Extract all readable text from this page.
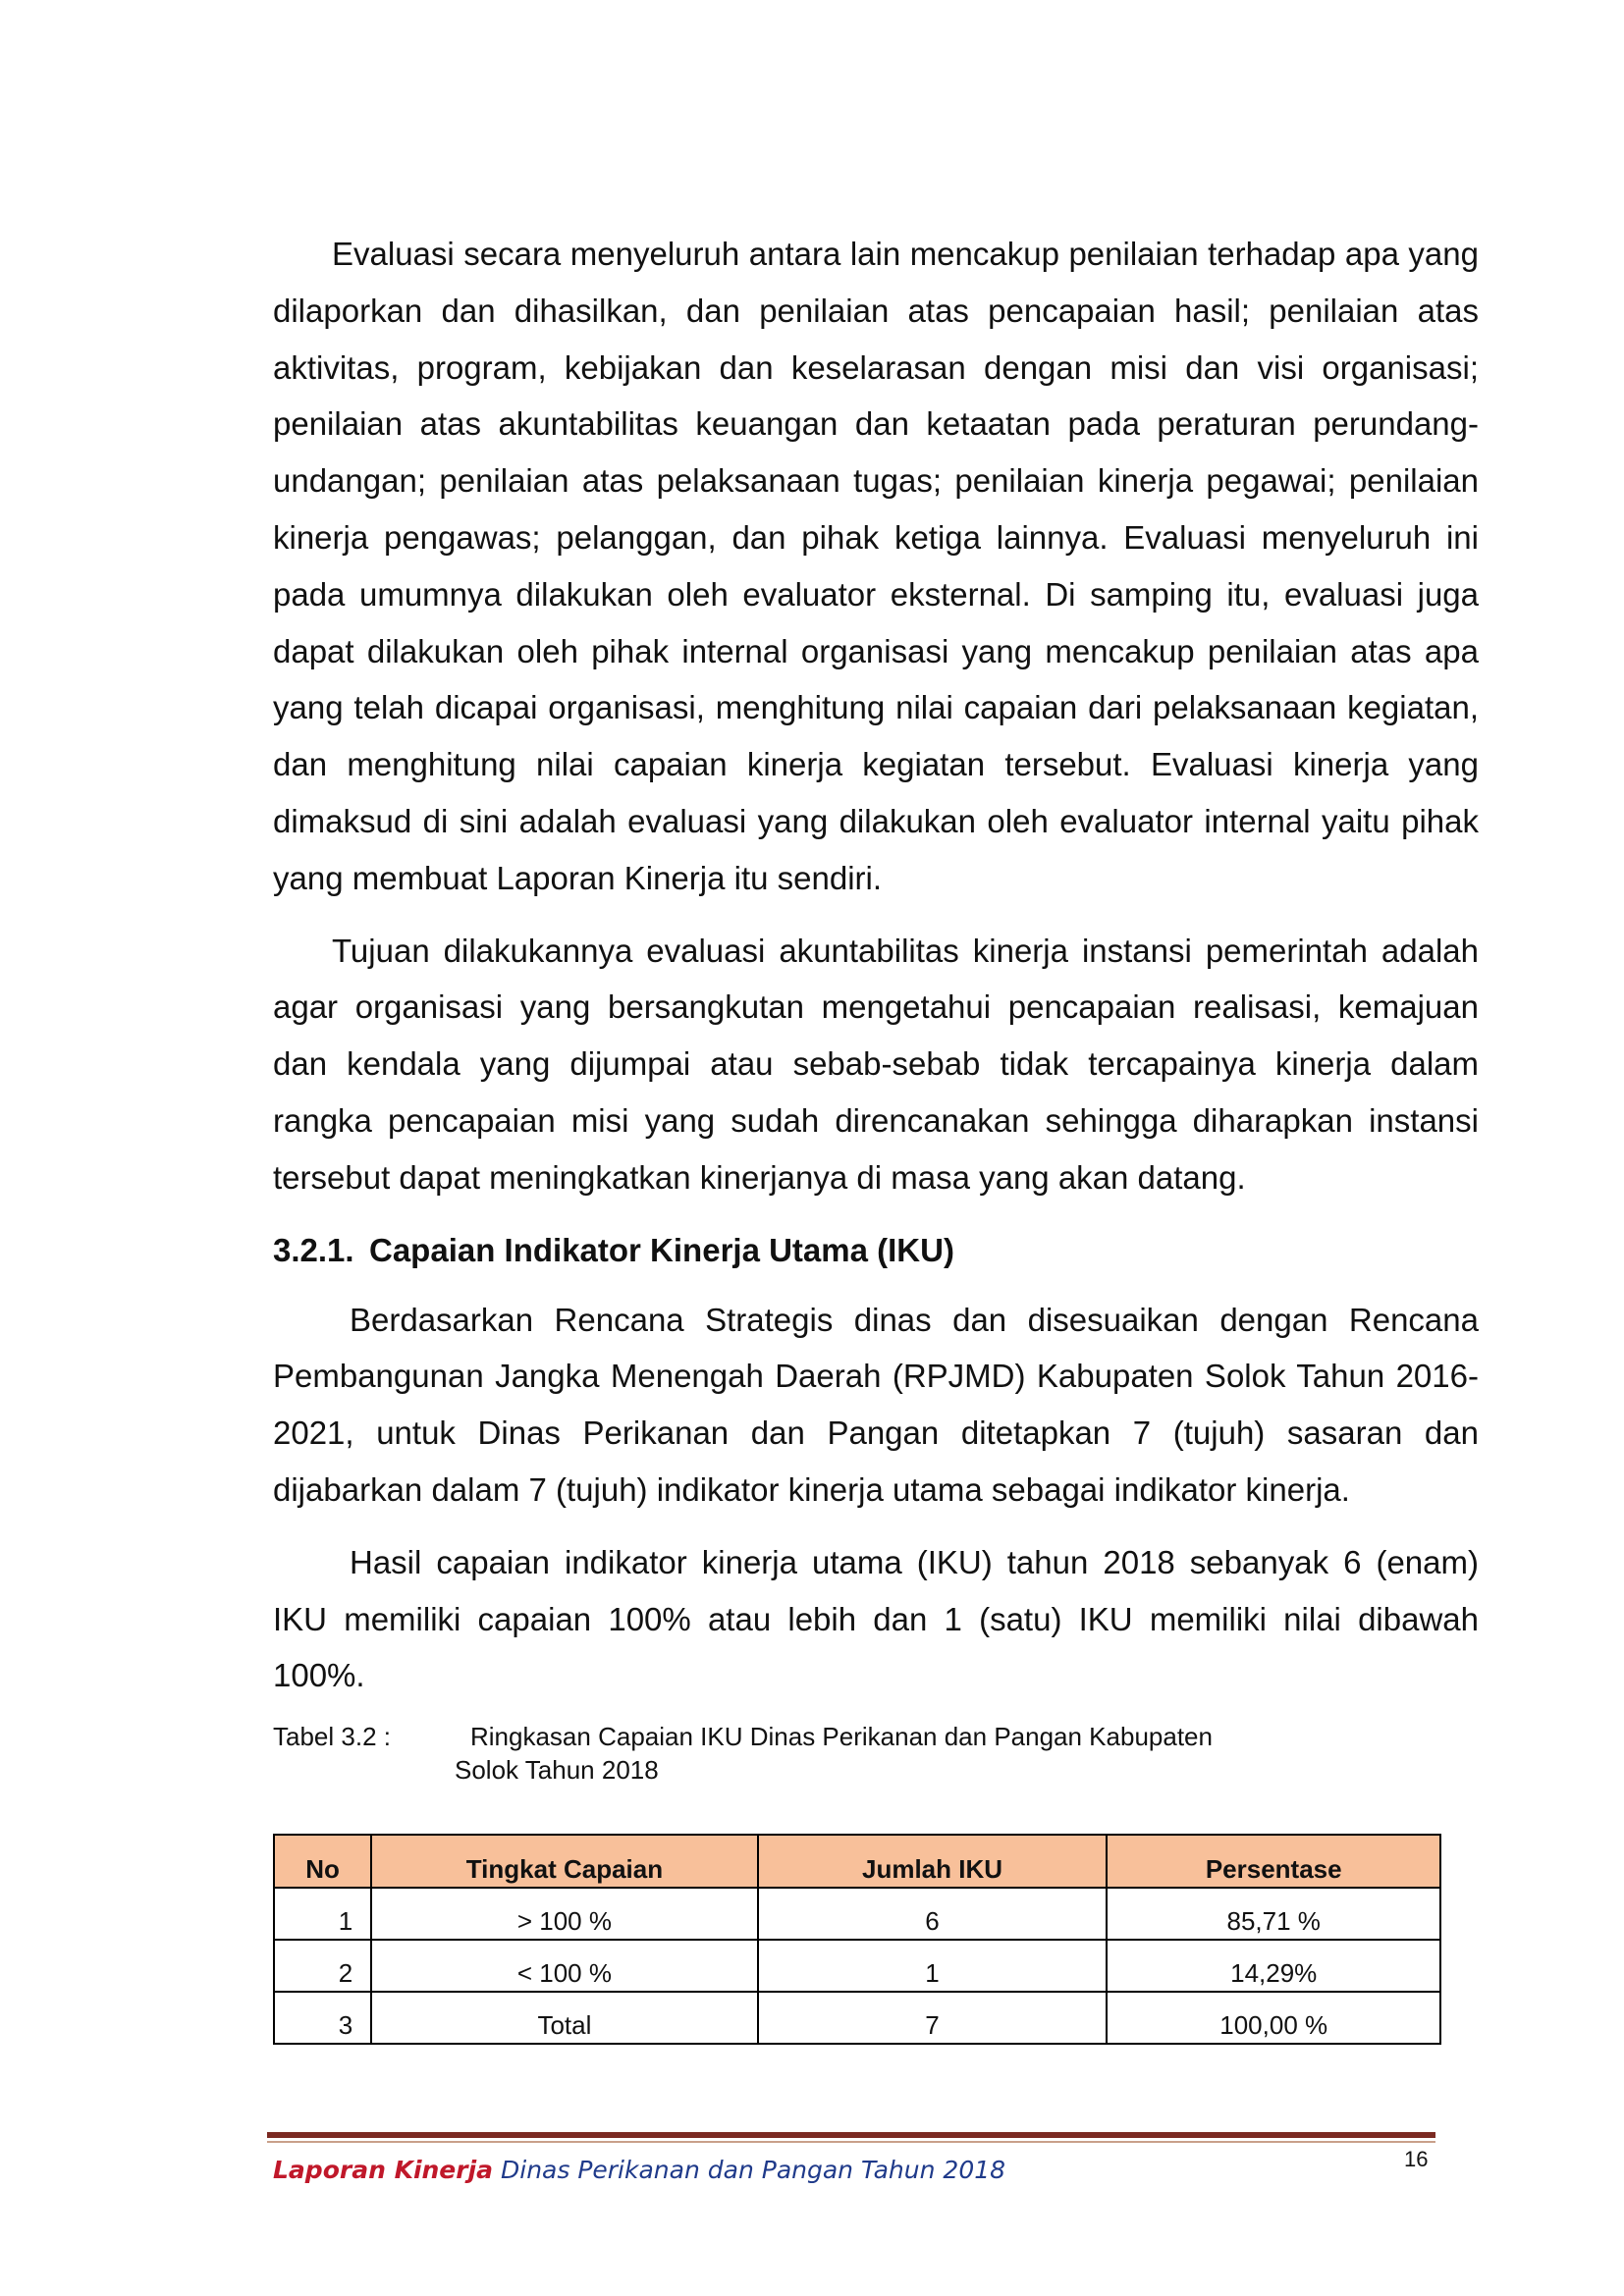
Evaluasi secara menyeluruh antara lain mencakup penilaian terhadap apa yang dilaporkan dan dihasilkan, dan penilaian atas pencapaian hasil; penilaian atas aktivitas, program, kebijakan dan keselarasan dengan misi dan visi organisasi; penilaian atas akuntabilitas keuangan dan ketaatan pada peraturan perundang-undangan; penilaian atas pelaksanaan tugas; penilaian kinerja pegawai; penilaian kinerja pengawas; pelanggan, dan pihak ketiga lainnya. Evaluasi menyeluruh ini pada umumnya dilakukan oleh evaluator eksternal. Di samping itu, evaluasi juga dapat dilakukan oleh pihak internal organisasi yang mencakup penilaian atas apa yang telah dicapai organisasi, menghitung nilai capaian dari pelaksanaan kegiatan, dan menghitung nilai capaian kinerja kegiatan tersebut. Evaluasi kinerja yang dimaksud di sini adalah evaluasi yang dilakukan oleh evaluator internal yaitu pihak yang membuat Laporan Kinerja itu sendiri.

Tujuan dilakukannya evaluasi akuntabilitas kinerja instansi pemerintah adalah agar organisasi yang bersangkutan mengetahui pencapaian realisasi, kemajuan dan kendala yang dijumpai atau sebab-sebab tidak tercapainya kinerja dalam rangka pencapaian misi yang sudah direncanakan sehingga diharapkan instansi tersebut dapat meningkatkan kinerjanya di masa yang akan datang.

3.2.1. Capaian Indikator Kinerja Utama (IKU)

Berdasarkan Rencana Strategis dinas dan disesuaikan dengan Rencana Pembangunan Jangka Menengah Daerah (RPJMD) Kabupaten Solok Tahun 2016-2021, untuk Dinas Perikanan dan Pangan ditetapkan 7 (tujuh) sasaran dan dijabarkan dalam 7 (tujuh) indikator kinerja utama sebagai indikator kinerja.

Hasil capaian indikator kinerja utama (IKU) tahun 2018 sebanyak 6 (enam) IKU memiliki capaian 100% atau lebih dan 1 (satu) IKU memiliki nilai dibawah 100%.

Tabel 3.2 :	Ringkasan Capaian IKU Dinas Perikanan dan Pangan Kabupaten
Solok Tahun 2018
No	Tingkat Capaian	Jumlah IKU	Persentase
1	> 100 %	6	85,71 %
2	< 100 %	1	14,29%
3	Total	7	100,00 %
Laporan Kinerja Dinas Perikanan dan Pangan Tahun 2018	16
